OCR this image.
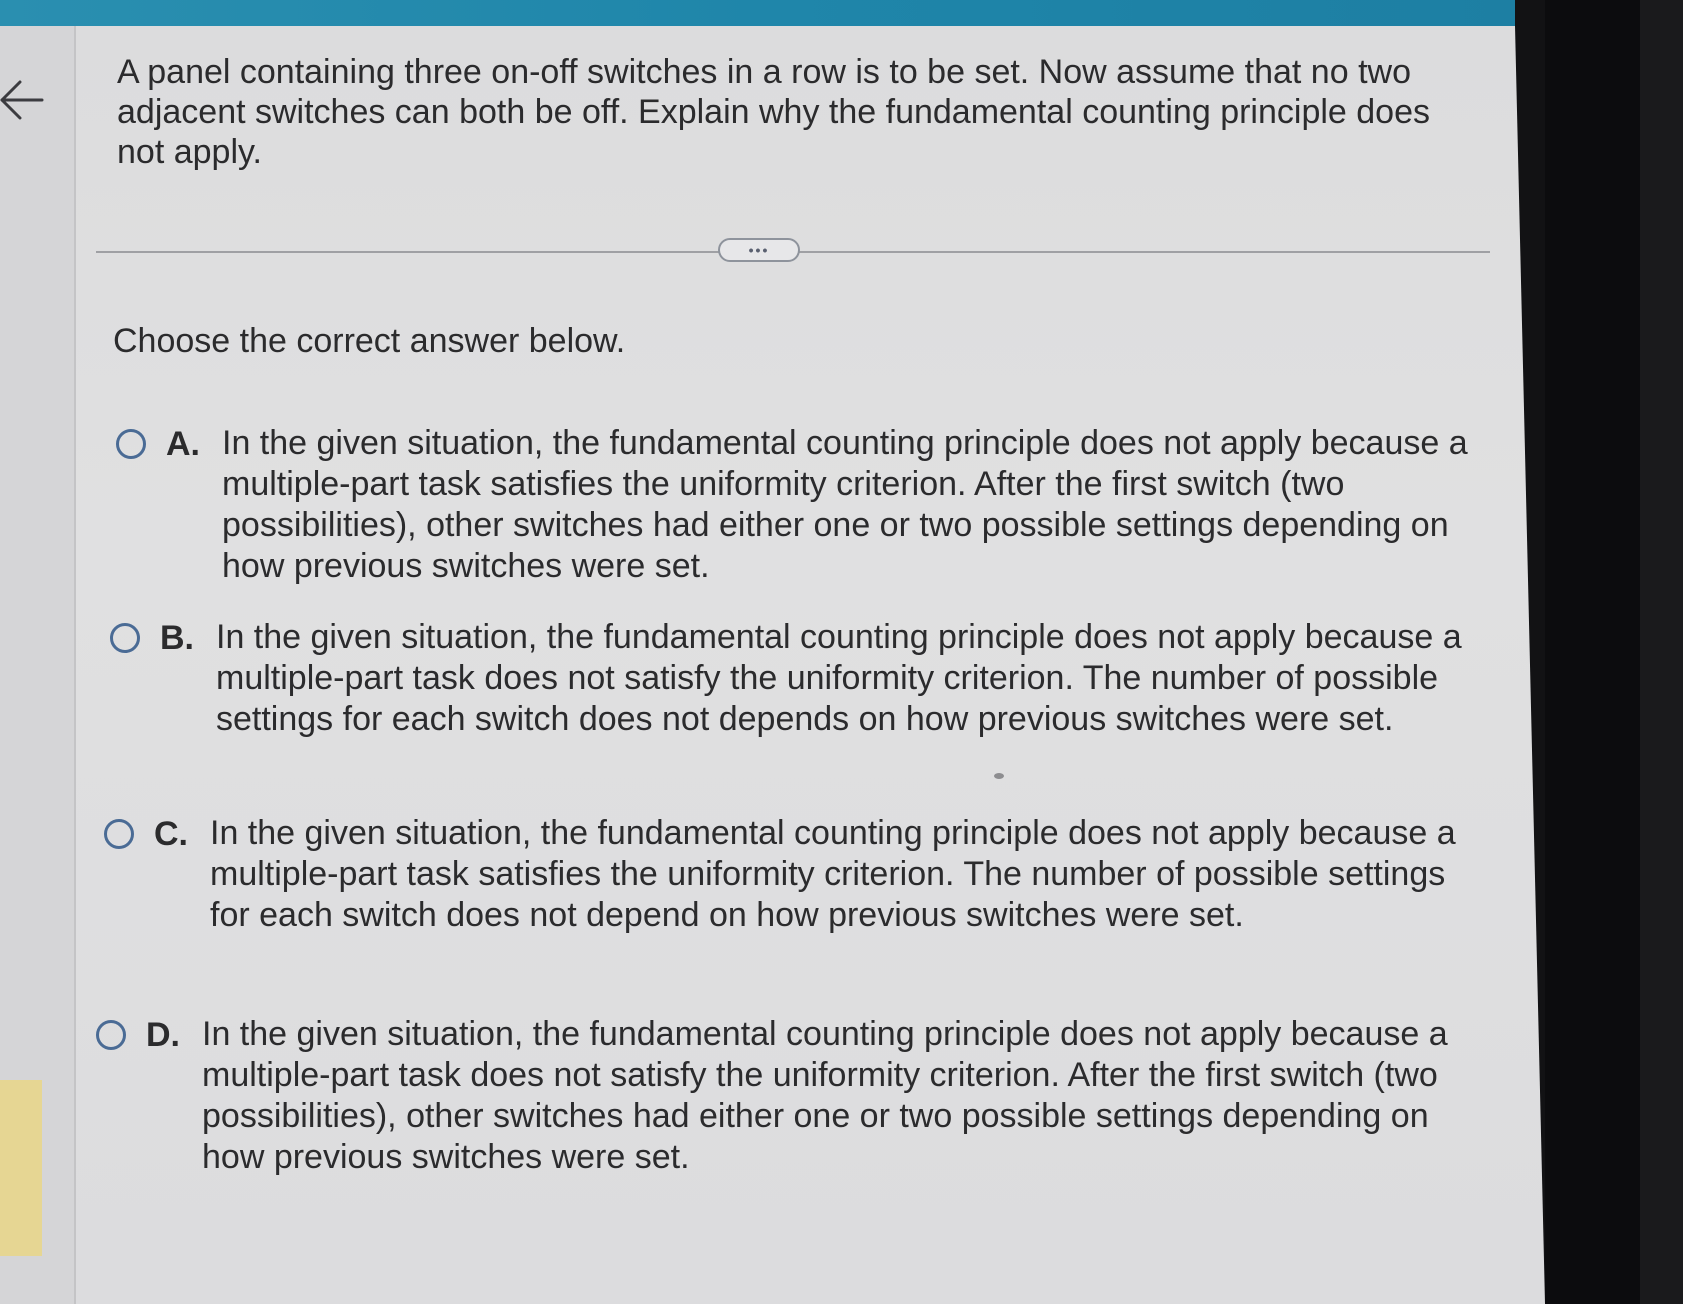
A panel containing three on-off switches in a row is to be set. Now assume that no two adjacent switches can both be off. Explain why the fundamental counting principle does not apply.

•••

Choose the correct answer below.

A. In the given situation, the fundamental counting principle does not apply because a multiple-part task satisfies the uniformity criterion. After the first switch (two possibilities), other switches had either one or two possible settings depending on how previous switches were set.
B. In the given situation, the fundamental counting principle does not apply because a multiple-part task does not satisfy the uniformity criterion. The number of possible settings for each switch does not depends on how previous switches were set.
C. In the given situation, the fundamental counting principle does not apply because a multiple-part task satisfies the uniformity criterion. The number of possible settings for each switch does not depend on how previous switches were set.
D. In the given situation, the fundamental counting principle does not apply because a multiple-part task does not satisfy the uniformity criterion. After the first switch (two possibilities), other switches had either one or two possible settings depending on how previous switches were set.
